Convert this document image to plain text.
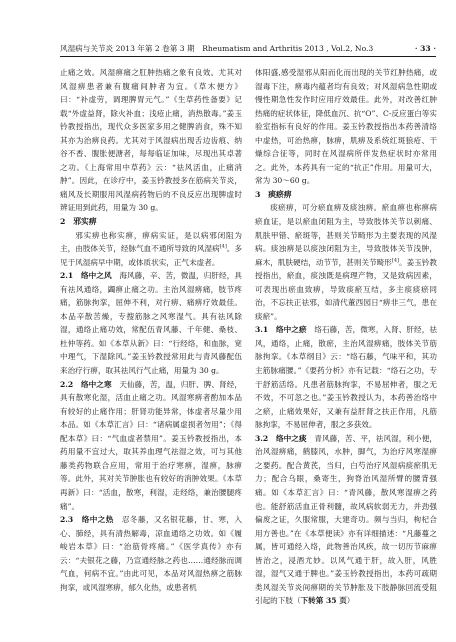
风湿病与关节炎 2013 年第 2 卷第 3 期　Rheumatism and Arthritis 2013 , Vol.2, No.3	· 33 ·

止痛之效。风湿痹痛之肛肿热痛之象有良效。尤其对风湿痹患者兼有腹痛间肿者为宜。《草木便方》曰：“补虚劳，调理脾胃元气。”《生草药性备要》记载“外虚益肾，除火补血；浅疮止痛，消热散毒。”姜玉钤教授指出，现代众多医家多用之健脾消食，殊不知其亦为治痹良药。尤其对于风湿病出现舌边齿痕、纳谷不香、腹胀便溏者，每每临证加味，尽现出其卓著之功。《上海常用中草药》云：“祛风活血，止痛消肿”。因此，在诊疗中，姜玉钤教授多在筋病关节炎，痛风及长期服用风湿病药物后的不良反应出现脾虚时辨证用到此药，用量为 30 g。

2　邪实痹

邪实痹也称实痹，痹病实证，是以病邪闭阻为主，由肢体关节，经脉气血不通所导致的风湿病[4]。多见于风湿病早中期，或体质状实，正气未虚者。

2.1　络中之风　 海风藤，辛、苦，微温，归肝经，具有祛风通络，蠲痹止痛之功。主治风湿痹痛，肢节疼痛，筋脉拘挛，屈伸不利，对行痹、痛痹疗效最佳。本品辛散苦燥，专搜筋脉之风寒湿气。具有祛风除湿，通络止痛功效，常配伍青风藤、千年健、桑枝、杜仲等药。如《本草从新》曰：“行经络，和血脉，宽中理气，下湿除风。”姜玉钤教授常用此与青风藤配伍来治疗行痹，取其祛风行气止痛，用量为 30 g。

2.2　络中之寒　 天仙藤，苦，温，归肝、脾、肾经，具有散寒化湿，活血止痛之功。风湿寒痹者酌加本品有较好的止痛作用；肝肾功能异常，体虚者尽量少用本品。如《本草汇言》曰：“诸病属虚损者勿用”；《得配本草》曰：“气血虚者禁用”。姜玉钤教授指出，本药用量不宜过大，取其养血理气祛湿之效，可与其他藤类药物联合应用，常用于治疗寒痹，湿痹，脉痹等。此外，其对关节肿胀也有较好的消肿效果。《本草再新》曰：“活血，散寒，利湿，走经络，兼治腰腿疼痛”。

2.3　络中之热　 忍冬藤，又名银花藤，甘、寒，入心、肺经，具有清热解毒，凉血通络之功效。如《履峻岩本草》曰：“治筋骨疼痛。”《医学真传》亦有云：“夫银花之藤，乃宣通经脉之药也……通经脉而调气血，何病不宜。”由此可见，本品对风湿热痹之筋脉拘挛，或风湿寒痹，郁久化热，或患者机

体阳盛,感受湿邪从阳而化而出现的关节红肿热痛，或湿毒下注，痹毒内蕴者均有良效；对风湿病急性期或慢性期急性发作时应用疗效最佳。此外，对改善红肿热痛的症状体征，降低血沉、抗“O”、C-反应蛋白等实验室指标有良好的作用。姜玉钤教授指出本药善清络中虚热，可治热痹，脉痹，肌痹及系统红斑狼疮、干燥综合征等，同时在风湿病所伴发热症状时亦常用之。此外，本药具有一定的“抗正”作用。用量可大，常为 30～60 g。

3　痰瘀痹

痰瘀痹，可分瘀血痹及痰浊痹。瘀血痹也称痹病瘀血证，是以瘀血闭阻为主，导致肢体关节以刺痛、肌肤甲错、瘀斑等，甚则关节畸形为主要表现的风湿病。痰浊痹是以痰浊闭阻为主，导致肢体关节浅肿，麻木，肌肤硬结，动节节，甚则关节畸形[4]。姜玉钤教授指出，瘀血，痰浊既是病理产物，又是致病因素，可表现出瘀血致痹，导致痰瘀互结，多主痰痰瘀同治，不忘扶正祛邪，如清代董西园日“痹非三气，患在痰瘀”。

3.1　络中之瘀　 络石藤，苦，微寒，入肾、肝经，祛风，通络，止痛，散瘀，主治风湿痹痛，肢体关节筋脉拘挛。《本草纲目》云：“络石藤，气味平和，其功主筋脉痛腰。”《要药分析》亦有记载：“络石之功，专于舒筋活络。凡患者筋脉拘挛，不易屈伸者，服之无不效，不可忽之也。”姜玉钤教授认为，本药善治络中之瘀，止痛效果好，又兼有益肝肾之扶正作用，凡筋脉拘挛，不易屈伸者，服之多获效。

3.2　络中之痰　 青风藤，苦、平，祛风湿，利小便，治风湿痹痛，鹤膝风，水肿，脚气，为治疗风寒湿痹之要药。配合黄芪，当归，白芍治疗风湿病痰瘀肌无力；配合乌眼，桑寄生，狗脊治风湿所臂的腰背强痛。如《本草汇言》曰：“青风藤，散风寒湿痹之药也。能舒筋活血正骨利髓，故风病软弱无力，并劲强偏废之证，久服常服，大建奇功。频与当归，枸杞合用方善也。”在《本草便读》亦有详细描述：“凡藤蔓之属，皆可通经入络，此物善治风疾，故一切历节麻痹皆治之，浸酒尤妙。以风气通于肝，故入肝，风胜湿，湿气又通于脾也。”姜玉钤教授指出，本药可疏期类风湿关节炎间痹期的关节肿胀及下肢静脉回流受阻引起的下肢（下转第 35 页）
